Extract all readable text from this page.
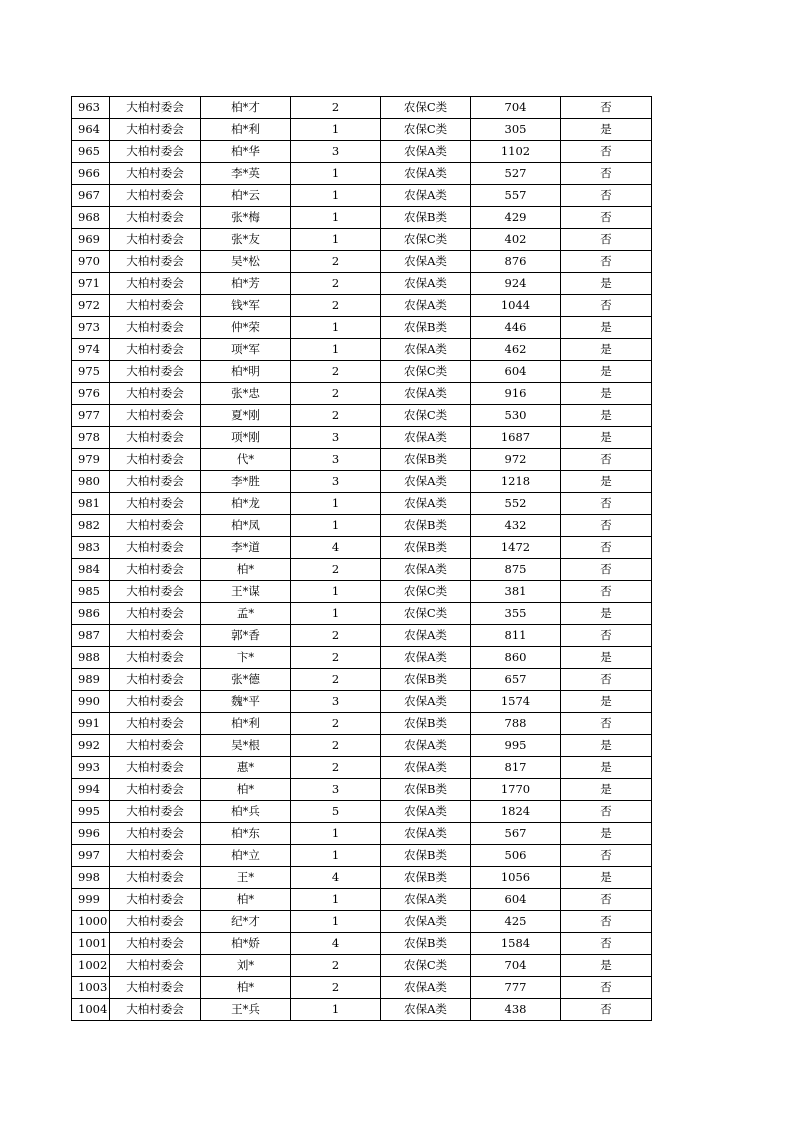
963	大柏村委会	柏*才	2	农保C类	704	否
964	大柏村委会	柏*利	1	农保C类	305	是
965	大柏村委会	柏*华	3	农保A类	1102	否
966	大柏村委会	李*英	1	农保A类	527	否
967	大柏村委会	柏*云	1	农保A类	557	否
968	大柏村委会	张*梅	1	农保B类	429	否
969	大柏村委会	张*友	1	农保C类	402	否
970	大柏村委会	吴*松	2	农保A类	876	否
971	大柏村委会	柏*芳	2	农保A类	924	是
972	大柏村委会	钱*军	2	农保A类	1044	否
973	大柏村委会	仲*荣	1	农保B类	446	是
974	大柏村委会	项*军	1	农保A类	462	是
975	大柏村委会	柏*明	2	农保C类	604	是
976	大柏村委会	张*忠	2	农保A类	916	是
977	大柏村委会	夏*刚	2	农保C类	530	是
978	大柏村委会	项*刚	3	农保A类	1687	是
979	大柏村委会	代*	3	农保B类	972	否
980	大柏村委会	李*胜	3	农保A类	1218	是
981	大柏村委会	柏*龙	1	农保A类	552	否
982	大柏村委会	柏*凤	1	农保B类	432	否
983	大柏村委会	李*道	4	农保B类	1472	否
984	大柏村委会	柏*	2	农保A类	875	否
985	大柏村委会	王*谋	1	农保C类	381	否
986	大柏村委会	孟*	1	农保C类	355	是
987	大柏村委会	郭*香	2	农保A类	811	否
988	大柏村委会	卞*	2	农保A类	860	是
989	大柏村委会	张*德	2	农保B类	657	否
990	大柏村委会	魏*平	3	农保A类	1574	是
991	大柏村委会	柏*利	2	农保B类	788	否
992	大柏村委会	吴*根	2	农保A类	995	是
993	大柏村委会	惠*	2	农保A类	817	是
994	大柏村委会	柏*	3	农保B类	1770	是
995	大柏村委会	柏*兵	5	农保A类	1824	否
996	大柏村委会	柏*东	1	农保A类	567	是
997	大柏村委会	柏*立	1	农保B类	506	否
998	大柏村委会	王*	4	农保B类	1056	是
999	大柏村委会	柏*	1	农保A类	604	否
1000	大柏村委会	纪*才	1	农保A类	425	否
1001	大柏村委会	柏*娇	4	农保B类	1584	否
1002	大柏村委会	刘*	2	农保C类	704	是
1003	大柏村委会	柏*	2	农保A类	777	否
1004	大柏村委会	王*兵	1	农保A类	438	否
